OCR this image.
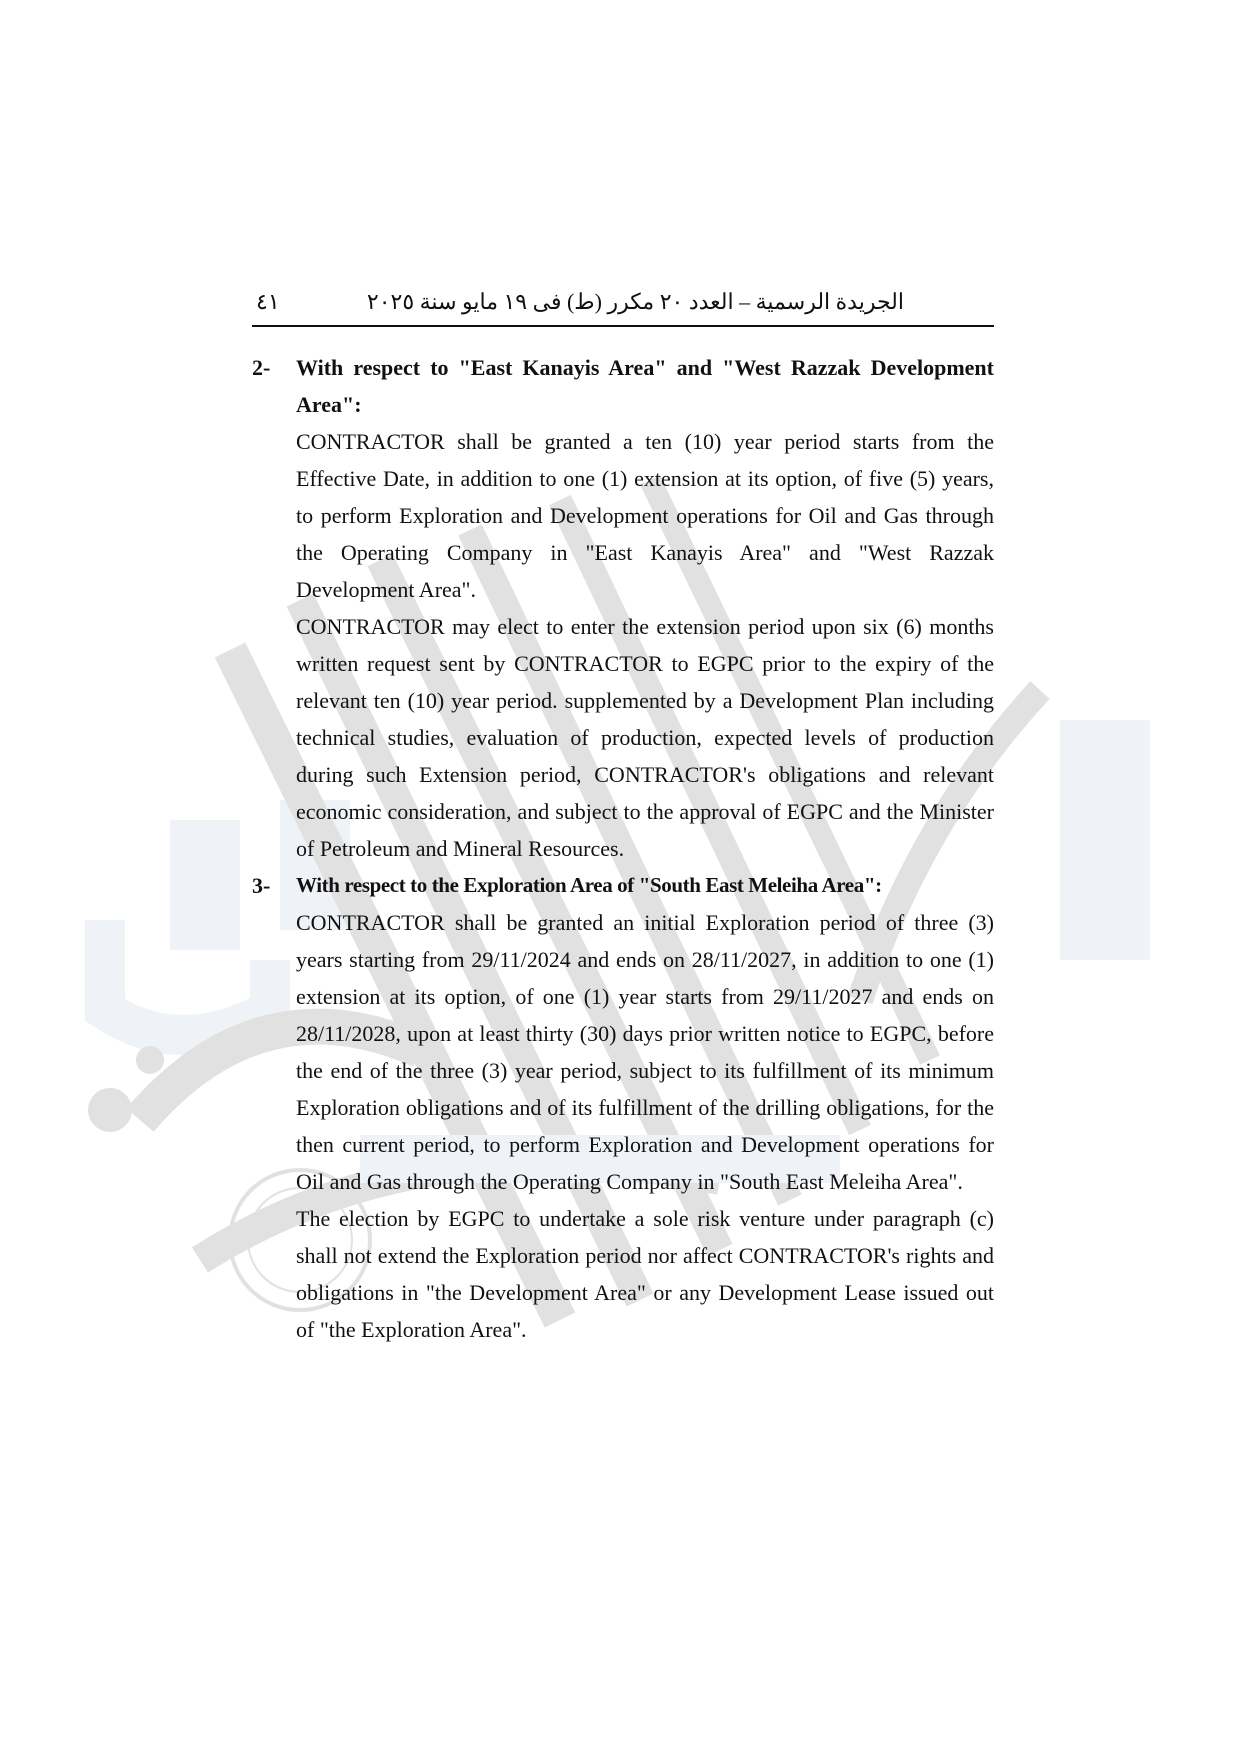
٤١	الجريدة الرسمية – العدد ٢٠ مكرر (ط) فى ١٩ مايو سنة ٢٠٢٥
2- With respect to "East Kanayis Area" and "West Razzak Development Area":

CONTRACTOR shall be granted a ten (10) year period starts from the Effective Date, in addition to one (1) extension at its option, of five (5) years, to perform Exploration and Development operations for Oil and Gas through the Operating Company in "East Kanayis Area" and "West Razzak Development Area".

CONTRACTOR may elect to enter the extension period upon six (6) months written request sent by CONTRACTOR to EGPC prior to the expiry of the relevant ten (10) year period. supplemented by a Development Plan including technical studies, evaluation of production, expected levels of production during such Extension period, CONTRACTOR's obligations and relevant economic consideration, and subject to the approval of EGPC and the Minister of Petroleum and Mineral Resources.

3- With respect to the Exploration Area of "South East Meleiha Area":

CONTRACTOR shall be granted an initial Exploration period of three (3) years starting from 29/11/2024 and ends on 28/11/2027, in addition to one (1) extension at its option, of one (1) year starts from 29/11/2027 and ends on 28/11/2028, upon at least thirty (30) days prior written notice to EGPC, before the end of the three (3) year period, subject to its fulfillment of its minimum Exploration obligations and of its fulfillment of the drilling obligations, for the then current period, to perform Exploration and Development operations for Oil and Gas through the Operating Company in "South East Meleiha Area".

The election by EGPC to undertake a sole risk venture under paragraph (c) shall not extend the Exploration period nor affect CONTRACTOR's rights and obligations in "the Development Area" or any Development Lease issued out of "the Exploration Area".
